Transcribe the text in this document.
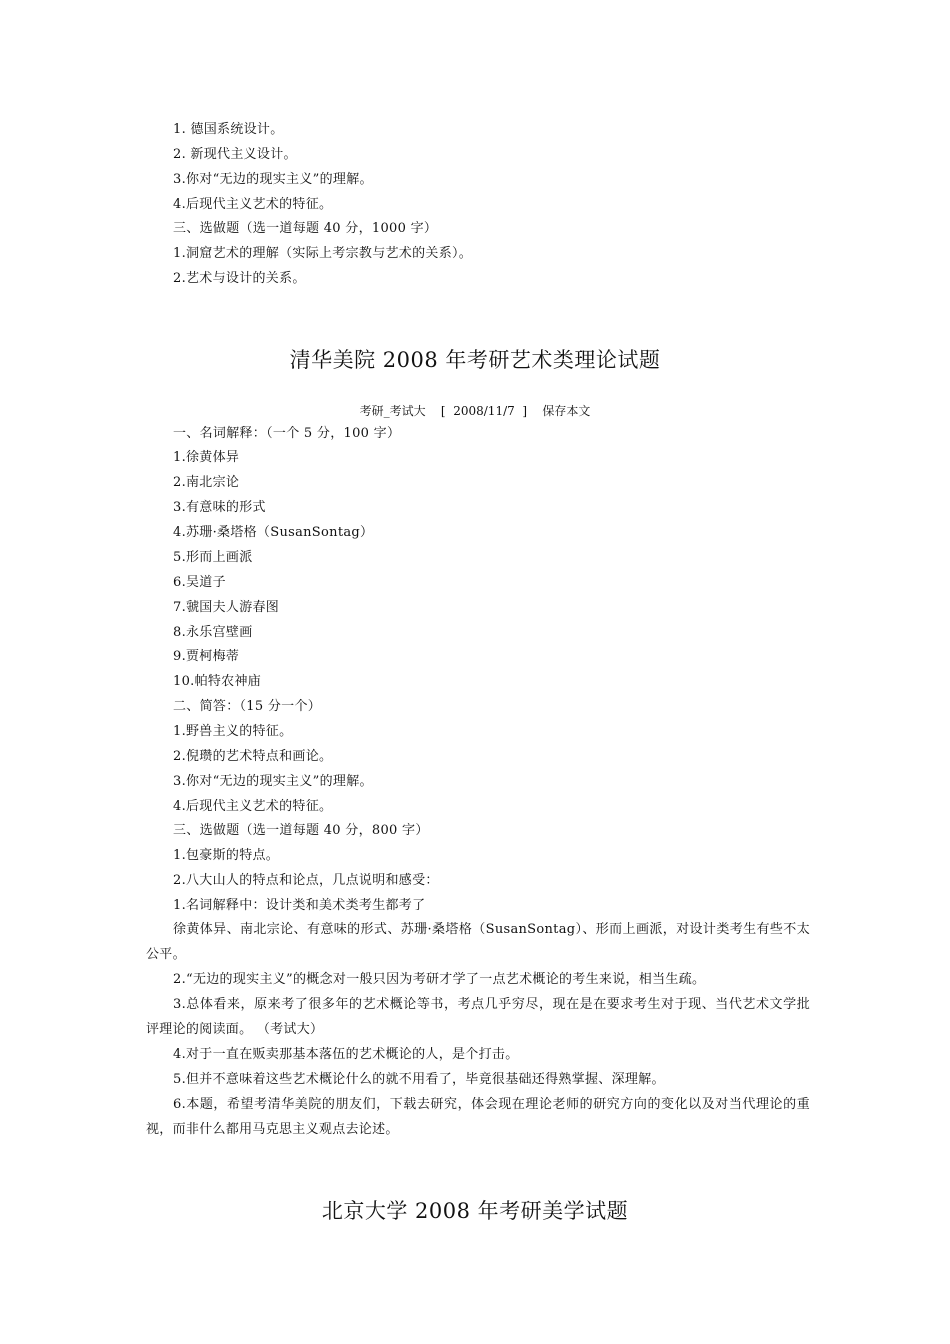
1. 德国系统设计。
2. 新现代主义设计。
3.你对“无边的现实主义”的理解。
4.后现代主义艺术的特征。
三、选做题（选一道每题 40 分，1000 字）
1.洞窟艺术的理解（实际上考宗教与艺术的关系）。
2.艺术与设计的关系。
清华美院 2008 年考研艺术类理论试题
考研_考试大    [  2008/11/7  ]    保存本文
一、名词解释：（一个 5 分，100 字）
1.徐黄体异
2.南北宗论
3.有意味的形式
4.苏珊·桑塔格（SusanSontag）
5.形而上画派
6.吴道子
7.虢国夫人游春图
8.永乐宫壁画
9.贾柯梅蒂
10.帕特农神庙
二、简答：（15 分一个）
1.野兽主义的特征。
2.倪瓒的艺术特点和画论。
3.你对“无边的现实主义”的理解。
4.后现代主义艺术的特征。
三、选做题（选一道每题 40 分，800 字）
1.包豪斯的特点。
2.八大山人的特点和论点，几点说明和感受：
1.名词解释中：设计类和美术类考生都考了
徐黄体异、南北宗论、有意味的形式、苏珊·桑塔格（SusanSontag）、形而上画派，对设计类考生有些不太公平。
2.“无边的现实主义”的概念对一般只因为考研才学了一点艺术概论的考生来说，相当生疏。
3.总体看来，原来考了很多年的艺术概论等书，考点几乎穷尽，现在是在要求考生对于现、当代艺术文学批评理论的阅读面。 （考试大）
4.对于一直在贩卖那基本落伍的艺术概论的人，是个打击。
5.但并不意味着这些艺术概论什么的就不用看了，毕竟很基础还得熟掌握、深理解。
6.本题，希望考清华美院的朋友们，下载去研究，体会现在理论老师的研究方向的变化以及对当代理论的重视，而非什么都用马克思主义观点去论述。
北京大学 2008 年考研美学试题
